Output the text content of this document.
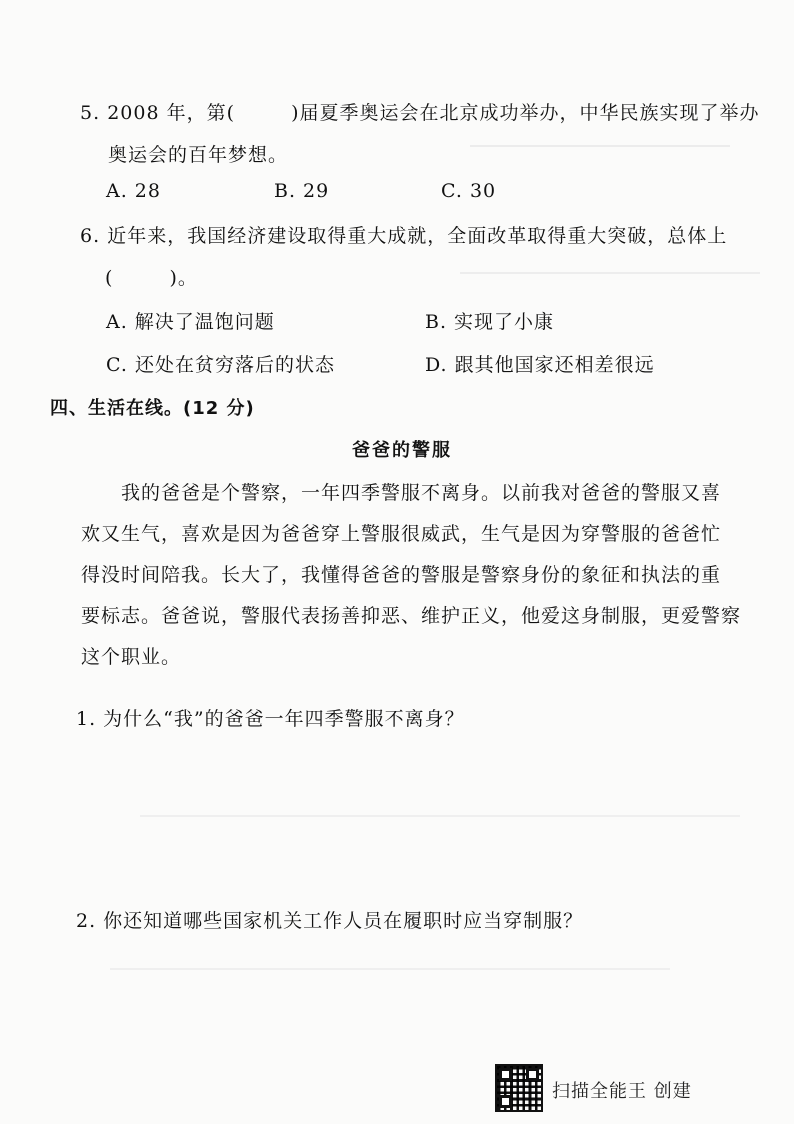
5. 2008 年，第(	)届夏季奥运会在北京成功举办，中华民族实现了举办
奥运会的百年梦想。
A. 28	B. 29	C. 30
6. 近年来，我国经济建设取得重大成就，全面改革取得重大突破，总体上
(	)。
A. 解决了温饱问题	B. 实现了小康
C. 还处在贫穷落后的状态	D. 跟其他国家还相差很远
四、生活在线。(12 分)
爸爸的警服
我的爸爸是个警察，一年四季警服不离身。以前我对爸爸的警服又喜
欢又生气，喜欢是因为爸爸穿上警服很威武，生气是因为穿警服的爸爸忙
得没时间陪我。长大了，我懂得爸爸的警服是警察身份的象征和执法的重
要标志。爸爸说，警服代表扬善抑恶、维护正义，他爱这身制服，更爱警察
这个职业。
1. 为什么“我”的爸爸一年四季警服不离身？
2. 你还知道哪些国家机关工作人员在履职时应当穿制服？
扫描全能王 创建
